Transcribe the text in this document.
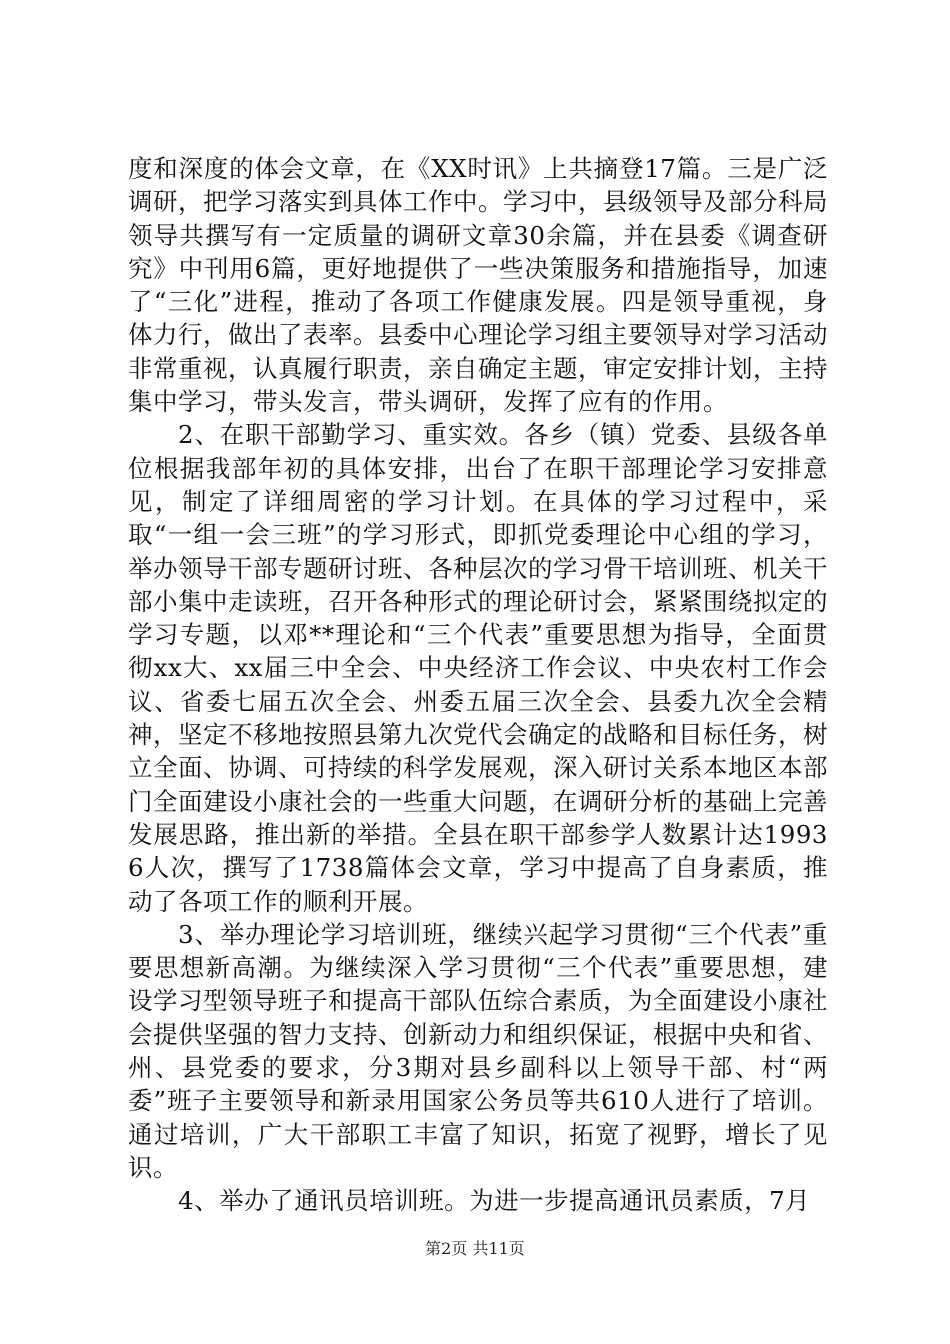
度和深度的体会文章，在《XX时讯》上共摘登17篇。三是广泛调研，把学习落实到具体工作中。学习中，县级领导及部分科局领导共撰写有一定质量的调研文章30余篇，并在县委《调查研究》中刊用6篇，更好地提供了一些决策服务和措施指导，加速了“三化”进程，推动了各项工作健康发展。四是领导重视，身体力行，做出了表率。县委中心理论学习组主要领导对学习活动非常重视，认真履行职责，亲自确定主题，审定安排计划，主持集中学习，带头发言，带头调研，发挥了应有的作用。

2、在职干部勤学习、重实效。各乡（镇）党委、县级各单位根据我部年初的具体安排，出台了在职干部理论学习安排意见，制定了详细周密的学习计划。在具体的学习过程中，采取“一组一会三班”的学习形式，即抓党委理论中心组的学习，举办领导干部专题研讨班、各种层次的学习骨干培训班、机关干部小集中走读班，召开各种形式的理论研讨会，紧紧围绕拟定的学习专题，以邓**理论和“三个代表”重要思想为指导，全面贯彻xx大、xx届三中全会、中央经济工作会议、中央农村工作会议、省委七届五次全会、州委五届三次全会、县委九次全会精神，坚定不移地按照县第九次党代会确定的战略和目标任务，树立全面、协调、可持续的科学发展观，深入研讨关系本地区本部门全面建设小康社会的一些重大问题，在调研分析的基础上完善发展思路，推出新的举措。全县在职干部参学人数累计达19936人次，撰写了1738篇体会文章，学习中提高了自身素质，推动了各项工作的顺利开展。

3、举办理论学习培训班，继续兴起学习贯彻“三个代表”重要思想新高潮。为继续深入学习贯彻“三个代表”重要思想，建设学习型领导班子和提高干部队伍综合素质，为全面建设小康社会提供坚强的智力支持、创新动力和组织保证，根据中央和省、州、县党委的要求，分3期对县乡副科以上领导干部、村“两委”班子主要领导和新录用国家公务员等共610人进行了培训。通过培训，广大干部职工丰富了知识，拓宽了视野，增长了见识。

4、举办了通讯员培训班。为进一步提高通讯员素质，7月

第2页 共11页
